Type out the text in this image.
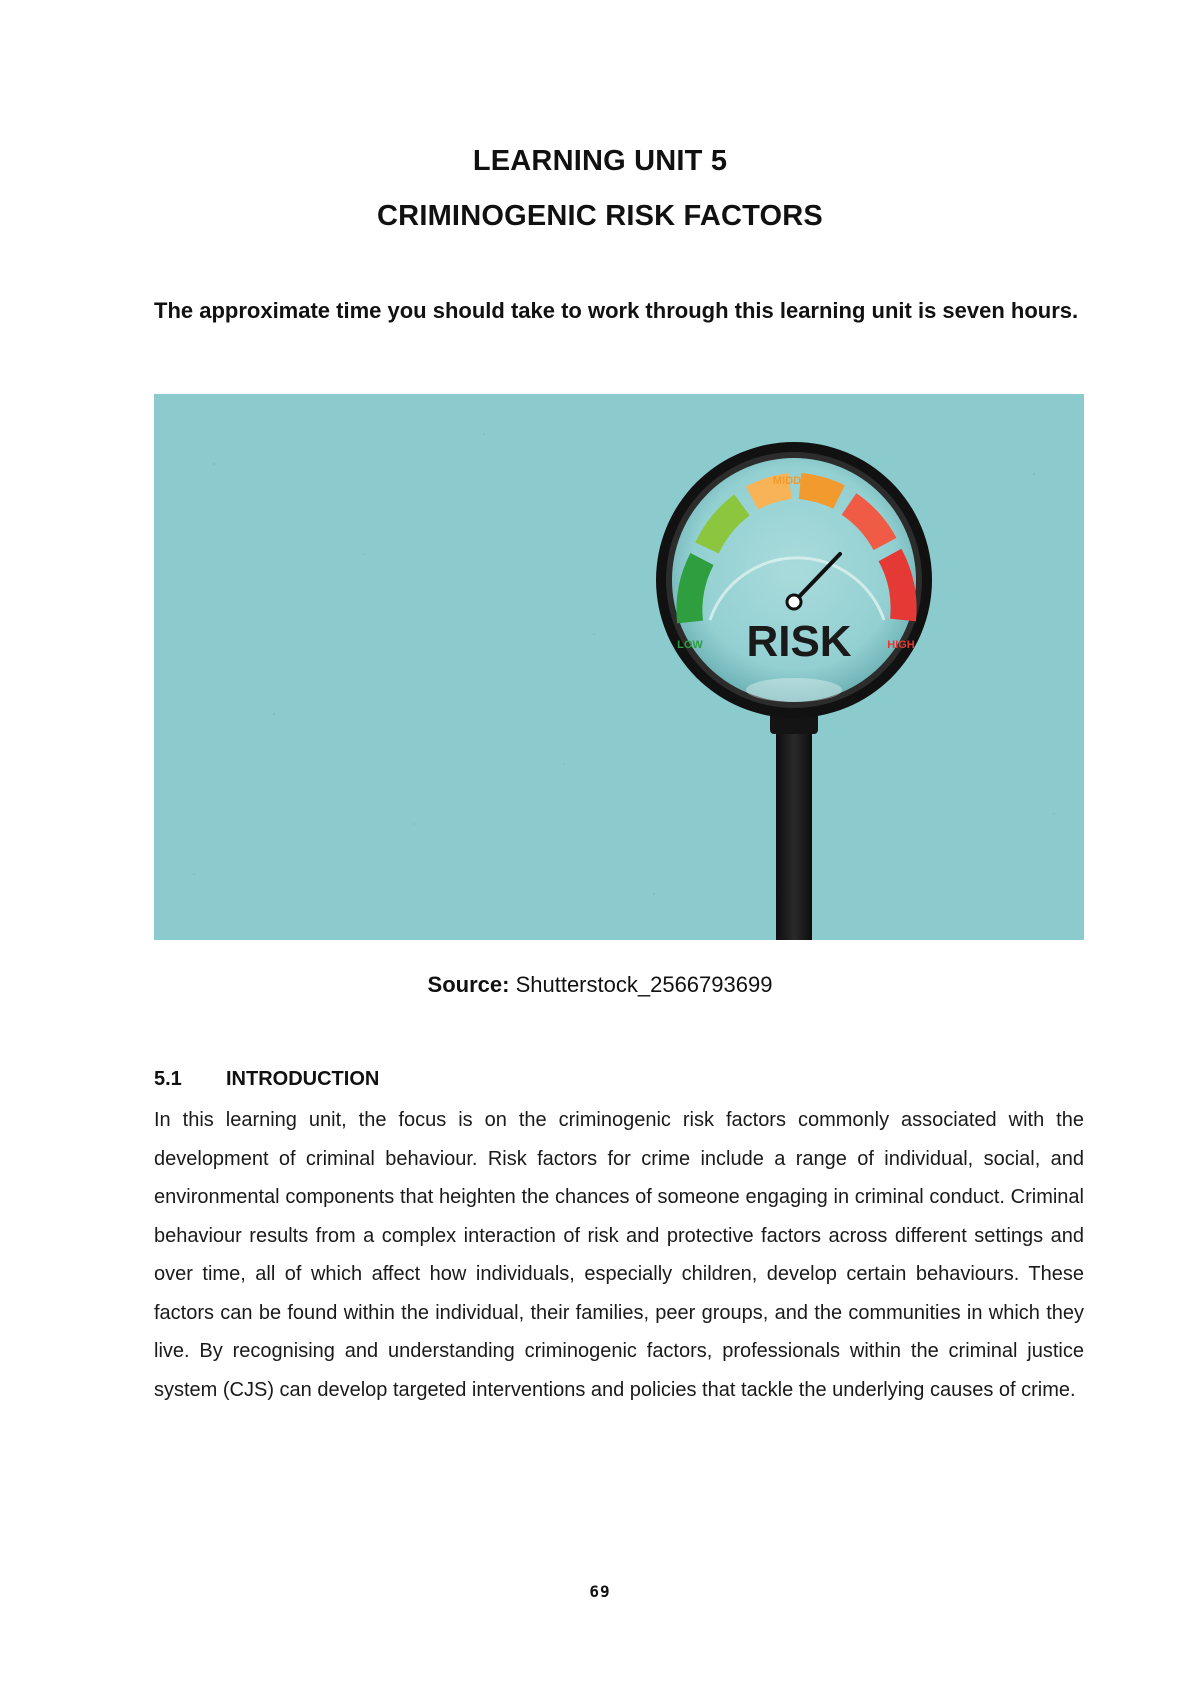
LEARNING UNIT 5
CRIMINOGENIC RISK FACTORS

The approximate time you should take to work through this learning unit is seven hours.

MIDDLE
LOW	HIGH
RISK

Source: Shutterstock_2566793699

5.1 INTRODUCTION

In this learning unit, the focus is on the criminogenic risk factors commonly associated with the development of criminal behaviour. Risk factors for crime include a range of individual, social, and environmental components that heighten the chances of someone engaging in criminal conduct. Criminal behaviour results from a complex interaction of risk and protective factors across different settings and over time, all of which affect how individuals, especially children, develop certain behaviours. These factors can be found within the individual, their families, peer groups, and the communities in which they live. By recognising and understanding criminogenic factors, professionals within the criminal justice system (CJS) can develop targeted interventions and policies that tackle the underlying causes of crime.

69
